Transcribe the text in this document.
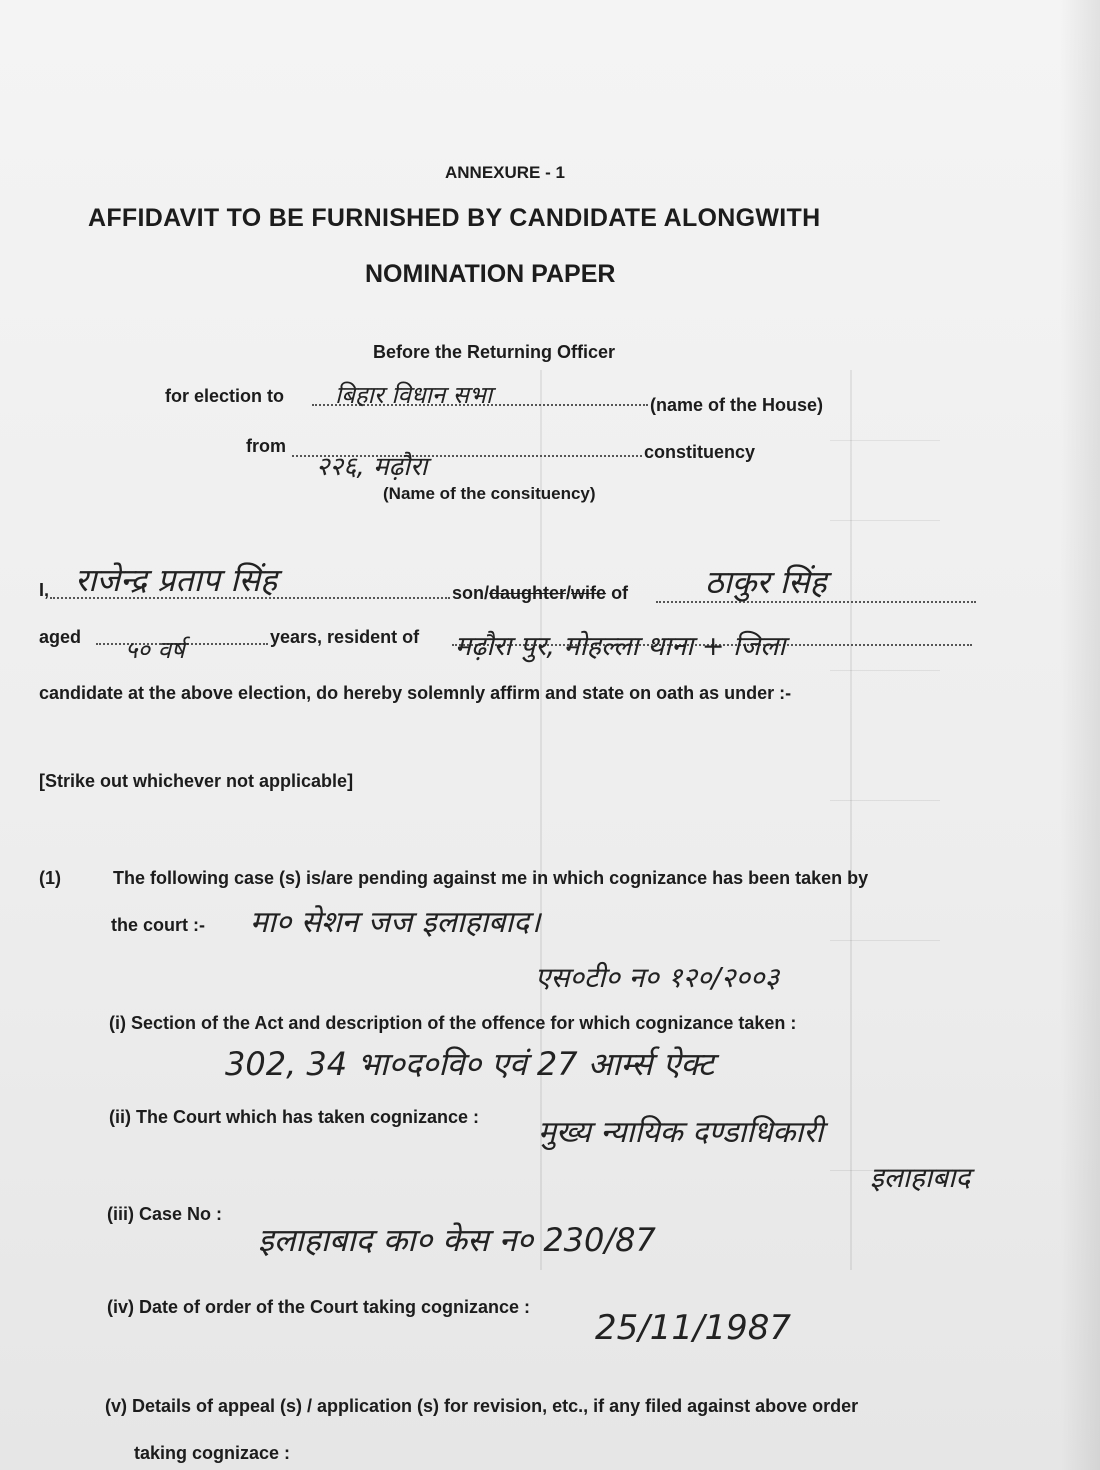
ANNEXURE - 1
AFFIDAVIT TO BE FURNISHED BY CANDIDATE ALONGWITH
NOMINATION PAPER
Before the Returning Officer
for election to बिहार विधान सभा	(name of the House)
from
२२६, मढ़ौरा	constituency
(Name of the consituency)
I, राजेन्द्र प्रताप सिंह	son/daughter/wife of ठाकुर सिंह
aged ५० वर्ष	years, resident of मढ़ौरा पुर, मोहल्ला थाना + जिला
candidate at the above election, do hereby solemnly affirm and state on oath as under :-
[Strike out whichever not applicable]
(1)	The following case (s) is/are pending against me in which cognizance has been taken by
the court :- मा० सेशन जज इलाहाबाद।
एस०टी० न० १२०/२००३
(i) Section of the Act and description of the offence for which cognizance taken :
302, 34 भा०द०वि० एवं 27 आर्म्स ऐक्ट
(ii) The Court which has taken cognizance : मुख्य न्यायिक दण्डाधिकारी
इलाहाबाद
(iii) Case No :
इलाहाबाद का० केस न० 230/87
(iv) Date of order of the Court taking cognizance :
25/11/1987
(v) Details of appeal (s) / application (s) for revision, etc., if any filed against above order
taking cognizace :
